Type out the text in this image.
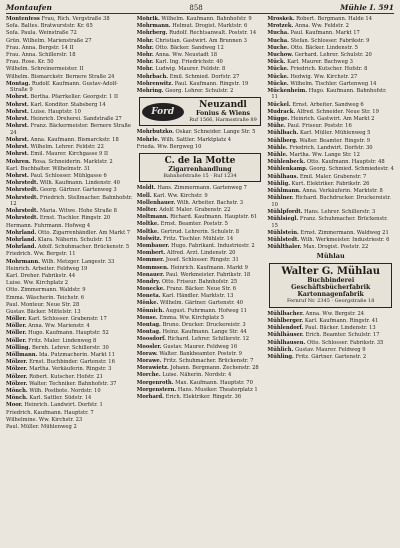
Montaufen	858	Mühle I. 591
Montenfess Frau, Rich. Vergstraße 38
Sofa. Baltes. Bratwurststr. Kr. 65
Sofa. Paula. Weinstraße 72
Grün. Wilhelm. Marienstraße 27
Frau. Anna. Bergstr. 14 II
Frau. Anna. Schillerstr. 18
Frau. Rose. Kr. 50
Wilhelm. Schreinermeister. II
Wilhelm. Bismarckstr. Bernere Straße 24
Montag. Rudolf. Kaufmann. Gustav-Adolf-Straße 9
Mohrst. Bertha. Pfarrkeller. Georgstr. 1 II
Mohrst. Karl. Konditor. Stabsberg 14
Mohrst. Luise. Hauptstr. 10
Mohrst. Heinrich. Dreherei. Sandstraße 27
Mohrst. Franz. Bäckermeister. Bernere Straße 24
Mohrst. Anna. Kaufmann. Bismarckstr. 18
Mohrst. Wilhelm. Lehrer. Feldstr. 22
Mohrst. Emil. Maurer. Kirchgasse 9 II
Mohren. Rosa. Schneiderin. Marktstr. 2
Karl. Buchhalter. Wilhelmstr. 31
Mohrst. Paul. Schlosser. Mühlgasse 6
Mohrstedt. Wilh. Kaufmann. Lindenstr. 40
Mohrstedt. Georg. Gärtner. Gartenweg 3
Mohrstedt. Friedrich. Stellmacher. Bahnhofstr. 12
Mohrstedt. Maria. Witwe. Hohe Straße 8
Mohrstedt. Ernst. Tischler. Ringstr. 20
Hermann. Fuhrmann. Hofweg 4
Mohrland. Otto. Zigarrenhändler. Am Markt 7
Mohrland. Klara. Näherin. Schulstr. 15
Mohrland. Adolf. Schuhmacher. Brückenstr. 5
Friedrich. Ww. Bergstr. 11
Mohrmann. Wilh. Metzger. Langestr. 33
Heinrich. Arbeiter. Feldweg 19
Karl. Dreher. Fabrikstr. 44
Luise. Ww. Kirchplatz 2
Otto. Zimmermann. Waldstr. 9
Emma. Wäscherin. Teichstr. 6
Paul. Monteur. Neue Str. 28
Gustav. Bäcker. Mittelstr. 13
Möller. Karl. Schlosser. Grabenstr. 17
Möller. Anna. Ww. Marienstr. 4
Möller. Hugo. Kaufmann. Hauptstr. 52
Möller. Fritz. Maler. Lindenweg 8
Mölling. Bernh. Lehrer. Schillerstr. 30
Möllmann. Ida. Putzmacherin. Markt 11
Mölzer. Ernst. Buchbinder. Gartenstr. 16
Mölzer. Martha. Verkäuferin. Ringstr. 3
Mölzer. Robert. Kutscher. Hofstr. 21
Mölzer. Walter. Techniker. Bahnhofstr. 37
Mönch. Wilh. Postbote. Nordstr. 10
Mönch. Karl. Sattler. Südstr. 14
Moor. Heinrich. Landwirt. Dorfstr. 1
Friedrich. Kaufmann. Hauptstr. 7
Wilhelmine. Ww. Kirchstr. 23
Paul. Müller. Mühlenweg 2
Mohrlk. Wilhelm. Kaufmann. Bahnhofstr. 9
Mohrmann. Helmut. Drogist. Marktstr. 6
Mohrberg. Rudolf. Rechtsanwalt. Poststr. 14
Mohr. Christian. Gastwirt. Am Brunnen 3
Mohr. Otto. Bäcker. Sandweg 12
Mohr. Anna. Ww. Neustadt 18
Mohr. Karl. Ing. Friedrichstr. 40
Mohr. Ludwig. Maurer. Feldstr. 8
Mohrbach. Emil. Schmied. Dorfstr. 27
Mohrenwitz. Paul. Kaufmann. Ringstr. 19
Mohring. Georg. Lehrer. Schulstr. 2
Ford
Neuzandl
Fonius & Wiens
Ruf 1566, Harmsstraße 89
Mohrbutzko. Oskar. Schneider. Lange Str. 5
Mohrle. Wilh. Sattler. Marktplatz 4
Frieda. Ww. Bergweg 10
C. de la Motte
Zigarrenhandlung
Bahnhofstraße 15 · Ruf 1234
Moldt. Hans. Zimmermann. Gartenweg 7
Moll. Karl. Ww. Kirchstr. 9
Mollenhauer. Wilh. Arbeiter. Bachstr. 3
Molter. Adolf. Maler. Grabenstr. 22
Moltmann. Richard. Kaufmann. Hauptstr. 61
Moltke. Ernst. Beamter. Poststr. 5
Moltke. Gertrud. Lehrerin. Schulstr. 8
Molwitz. Fritz. Tischler. Mühlstr. 14
Mombauer. Hugo. Fabrikant. Industriestr. 2
Mombert. Alfred. Arzt. Lindenstr. 20
Mommer. Josef. Schlosser. Ringstr. 31
Mommsen. Heinrich. Kaufmann. Markt 9
Monauer. Paul. Werkmeister. Fabrikstr. 18
Mondry. Otto. Friseur. Bahnhofstr. 25
Monecke. Franz. Bäcker. Neue Str. 6
Moneta. Karl. Händler. Marktstr. 13
Mönke. Wilhelm. Gärtner. Gartenstr. 40
Mönnich. August. Fuhrmann. Hofweg 11
Monse. Emma. Ww. Kirchplatz 5
Montag. Bruno. Drucker. Druckereistr. 3
Montag. Heinz. Kaufmann. Lange Str. 44
Moosdorf. Richard. Lehrer. Schillerstr. 12
Moosler. Gustav. Maurer. Feldweg 16
Moraw. Walter. Bankbeamter. Poststr. 9
Morawe. Fritz. Schuhmacher. Brückenstr. 7
Morawietz. Johann. Bergmann. Zechenstr. 28
Morche. Luise. Näherin. Nordstr. 4
Morgenroth. Max. Kaufmann. Hauptstr. 70
Morgenstern. Hans. Musiker. Theaterplatz 1
Morhard. Erich. Elektriker. Ringstr. 36
Mroskek. Robert. Bergmann. Halde 14
Mrotzek. Anna. Ww. Feldstr. 2
Mucha. Paul. Kaufmann. Markt 17
Mucha. Stefan. Schlosser. Fabrikstr. 9
Muche. Otto. Bäcker. Lindenstr. 5
Muchow. Gerhard. Lehrer. Schulstr. 20
Mück. Karl. Maurer. Bachweg 3
Mücke. Friedrich. Kutscher. Hofstr. 8
Mücke. Hedwig. Ww. Kirchstr. 27
Mücke. Wilhelm. Tischler. Gartenweg 14
Mückenheim. Hugo. Kaufmann. Bahnhofstr. 11
Mückel. Ernst. Arbeiter. Sandweg 6
Mudrack. Alfred. Schneider. Neue Str. 19
Mügge. Heinrich. Gastwirt. Am Markt 2
Mühe. Paul. Friseur. Poststr. 16
Mühlbach. Karl. Müller. Mühlenweg 5
Mühlberg. Walter. Beamter. Ringstr. 9
Mühle. Friedrich. Landwirt. Dorfstr. 30
Mühle. Martha. Ww. Lange Str. 12
Mühlenbeck. Otto. Kaufmann. Hauptstr. 48
Mühlenkamp. Georg. Schmied. Schmiedestr. 4
Mühlhaus. Emil. Maler. Grabenstr. 7
Mühlig. Kurt. Elektriker. Fabrikstr. 26
Mühlmann. Anna. Verkäuferin. Marktstr. 8
Mühlner. Richard. Buchdrucker. Druckereistr. 10
Mühlpfordt. Hans. Lehrer. Schillerstr. 3
Mühlsiegl. Franz. Schuhmacher. Brückenstr. 15
Mühlstein. Ernst. Zimmermann. Waldweg 21
Mühlstedt. Wilh. Werkmeister. Industriestr. 6
Mühlthaler. Max. Drogist. Poststr. 22
Mühlau
Walter G. Mühlau
Buchbinderei
Geschäftsbücherfabrik
Kartonnagenfabrik
Fernruf Nr. 2345 · Georgstraße 18
Mühlbacher. Anna. Ww. Bergstr. 24
Mühlberger. Karl. Kaufmann. Ringstr. 41
Mühlendorf. Paul. Bäcker. Lindenstr. 13
Mühlhäuser. Erich. Beamter. Schulstr. 17
Mühlhausen. Otto. Schlosser. Fabrikstr. 35
Mühlich. Gustav. Maurer. Feldweg 9
Mühling. Fritz. Gärtner. Gartenstr. 2
